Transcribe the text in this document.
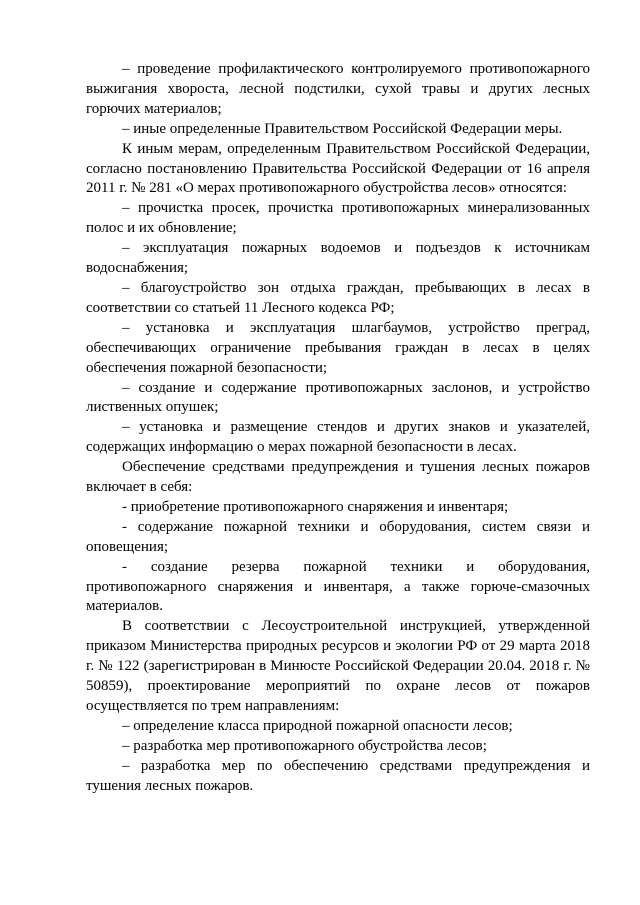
– проведение профилактического контролируемого противопожарного выжигания хвороста, лесной подстилки, сухой травы и других лесных горючих материалов;

– иные определенные Правительством Российской Федерации меры.

К иным мерам, определенным Правительством Российской Федерации, согласно постановлению Правительства Российской Федерации от 16 апреля 2011 г. № 281 «О мерах противопожарного обустройства лесов» относятся:

– прочистка просек, прочистка противопожарных минерализованных полос и их обновление;

– эксплуатация пожарных водоемов и подъездов к источникам водоснабжения;

– благоустройство зон отдыха граждан, пребывающих в лесах в соответствии со статьей 11 Лесного кодекса РФ;

– установка и эксплуатация шлагбаумов, устройство преград, обеспечивающих ограничение пребывания граждан в лесах в целях обеспечения пожарной безопасности;

– создание и содержание противопожарных заслонов, и устройство лиственных опушек;

– установка и размещение стендов и других знаков и указателей, содержащих информацию о мерах пожарной безопасности в лесах.

Обеспечение средствами предупреждения и тушения лесных пожаров включает в себя:

- приобретение противопожарного снаряжения и инвентаря;

- содержание пожарной техники и оборудования, систем связи и оповещения;

- создание резерва пожарной техники и оборудования, противопожарного снаряжения и инвентаря, а также горюче-смазочных материалов.

В соответствии с Лесоустроительной инструкцией, утвержденной приказом Министерства природных ресурсов и экологии РФ от 29 марта 2018 г. № 122 (зарегистрирован в Минюсте Российской Федерации 20.04. 2018 г. № 50859), проектирование мероприятий по охране лесов от пожаров осуществляется по трем направлениям:

– определение класса природной пожарной опасности лесов;

– разработка мер противопожарного обустройства лесов;

– разработка мер по обеспечению средствами предупреждения и тушения лесных пожаров.
